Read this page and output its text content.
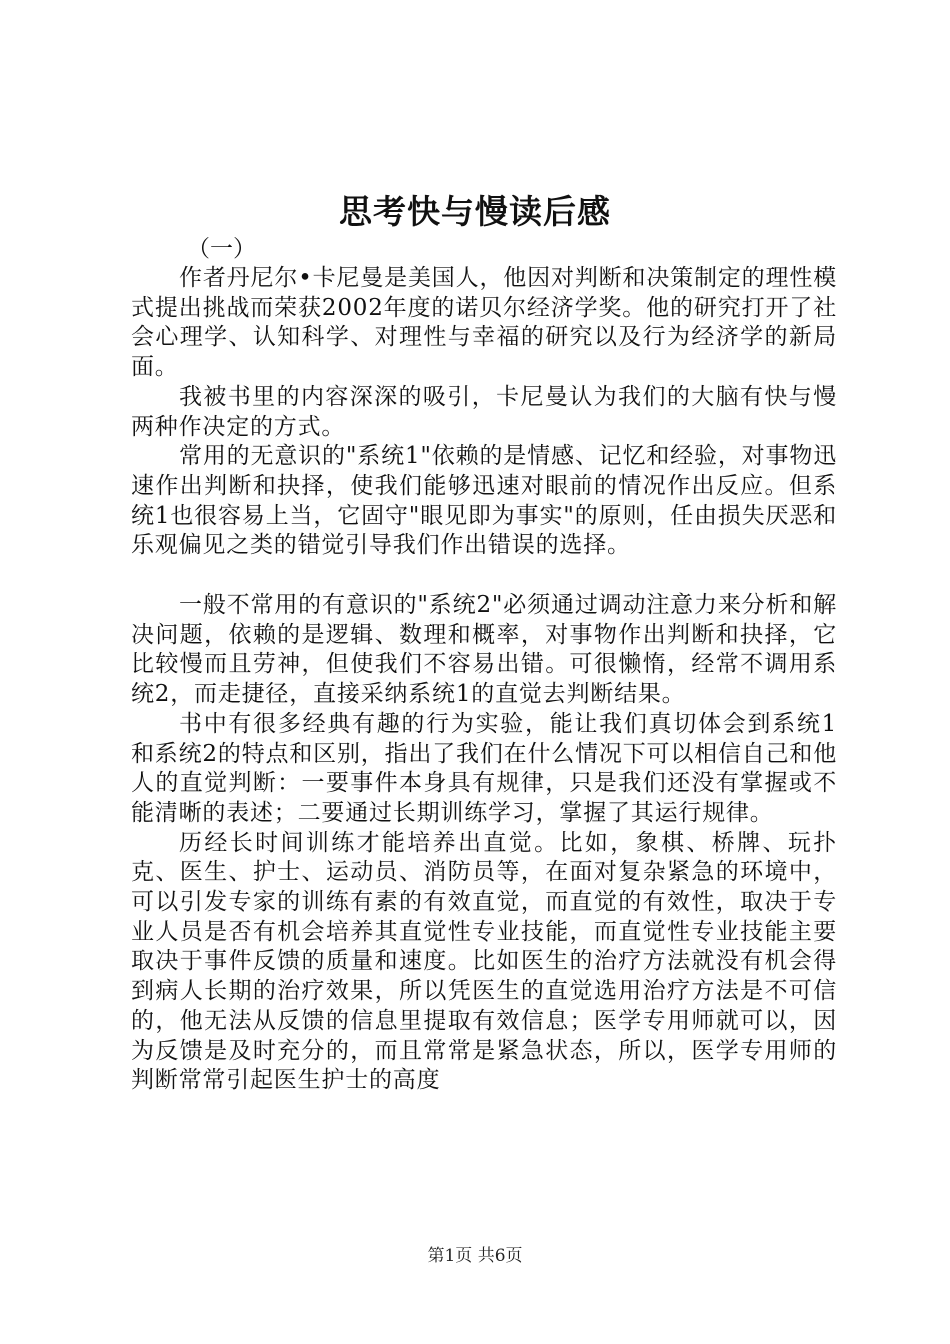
思考快与慢读后感

（一）

作者丹尼尔•卡尼曼是美国人，他因对判断和决策制定的理性模式提出挑战而荣获2002年度的诺贝尔经济学奖。他的研究打开了社会心理学、认知科学、对理性与幸福的研究以及行为经济学的新局面。

我被书里的内容深深的吸引，卡尼曼认为我们的大脑有快与慢两种作决定的方式。

常用的无意识的"系统1"依赖的是情感、记忆和经验，对事物迅速作出判断和抉择，使我们能够迅速对眼前的情况作出反应。但系统1也很容易上当，它固守"眼见即为事实"的原则，任由损失厌恶和乐观偏见之类的错觉引导我们作出错误的选择。

一般不常用的有意识的"系统2"必须通过调动注意力来分析和解决问题，依赖的是逻辑、数理和概率，对事物作出判断和抉择，它比较慢而且劳神，但使我们不容易出错。可很懒惰，经常不调用系统2，而走捷径，直接采纳系统1的直觉去判断结果。

书中有很多经典有趣的行为实验，能让我们真切体会到系统1和系统2的特点和区别，指出了我们在什么情况下可以相信自己和他人的直觉判断：一要事件本身具有规律，只是我们还没有掌握或不能清晰的表述；二要通过长期训练学习，掌握了其运行规律。

历经长时间训练才能培养出直觉。比如，象棋、桥牌、玩扑克、医生、护士、运动员、消防员等，在面对复杂紧急的环境中，可以引发专家的训练有素的有效直觉，而直觉的有效性，取决于专业人员是否有机会培养其直觉性专业技能，而直觉性专业技能主要取决于事件反馈的质量和速度。比如医生的治疗方法就没有机会得到病人长期的治疗效果，所以凭医生的直觉选用治疗方法是不可信的，他无法从反馈的信息里提取有效信息；医学专用师就可以，因为反馈是及时充分的，而且常常是紧急状态，所以，医学专用师的判断常常引起医生护士的高度

第1页 共6页
